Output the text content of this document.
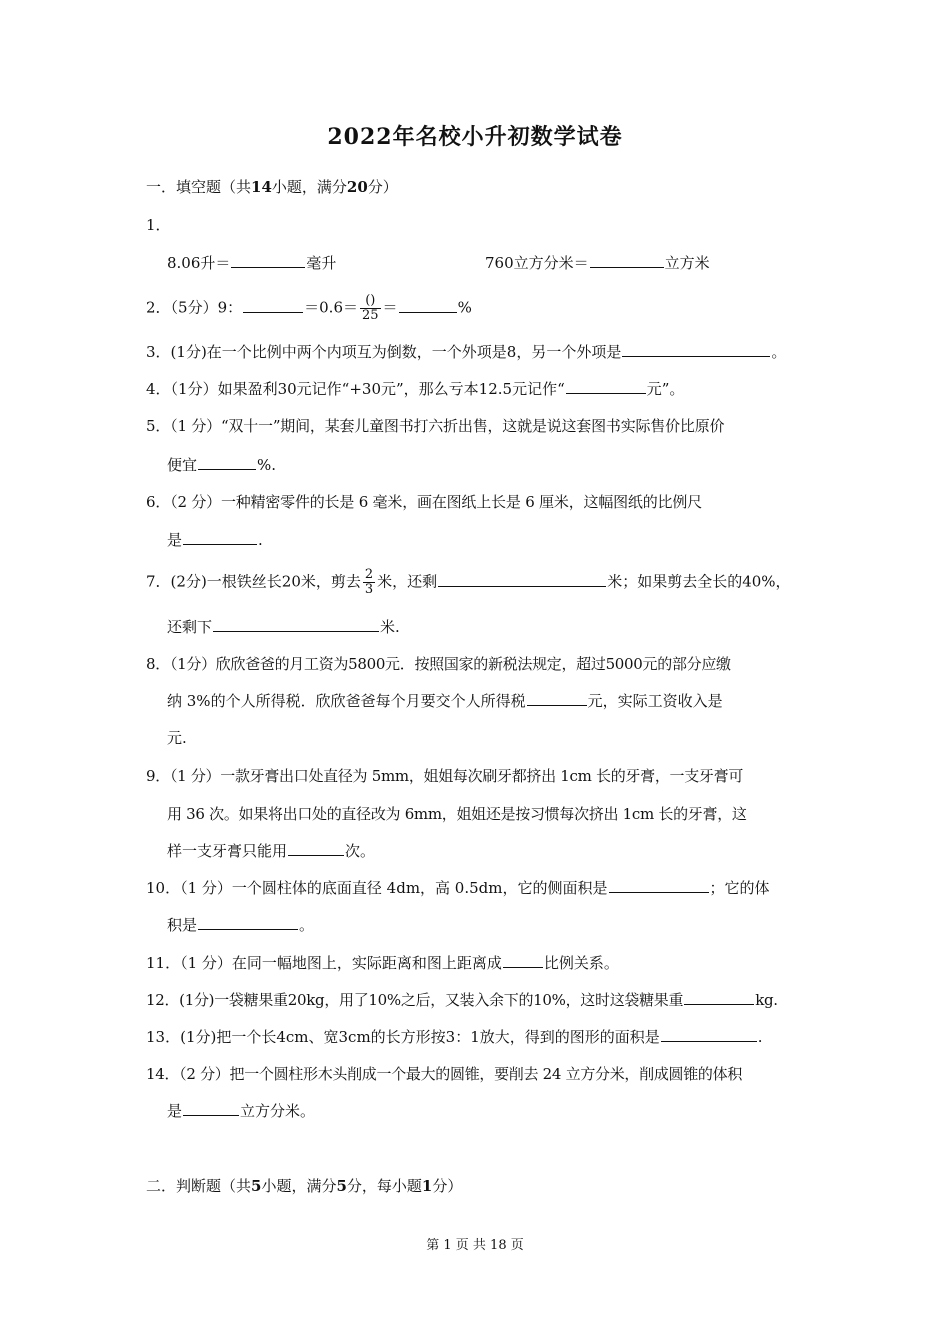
2022年名校小升初数学试卷
一．填空题（共14小题，满分20分）
1．
8.06升＝	毫升	760立方分米＝	立方米
2．（5分）9：	$=0.6= \frac{()}{25}$ ＝	%
3．(1分)在一个比例中两个内项互为倒数，一个外项是8，另一个外项是	。
4．（1分）如果盈利30元记作“+30元”，那么亏本12.5元记作“	元”。
5．（1 分）“双十一”期间，某套儿童图书打六折出售，这就是说这套图书实际售价比原价
便宜	%.
6．（2 分）一种精密零件的长是 6 毫米，画在图纸上长是 6 厘米，这幅图纸的比例尺
是	.
7．(2分)一根铁丝长20米，剪去 $\frac{2}{3}$ 米，还剩	米；如果剪去全长的40%，
还剩下	米.
8．（1分）欣欣爸爸的月工资为5800元．按照国家的新税法规定，超过5000元的部分应缴
纳 3%的个人所得税．欣欣爸爸每个月要交个人所得税	元，实际工资收入是
元.
9．（1 分）一款牙膏出口处直径为 5mm，姐姐每次刷牙都挤出 1cm 长的牙膏，一支牙膏可
用 36 次。如果将出口处的直径改为 6mm，姐姐还是按习惯每次挤出 1cm 长的牙膏，这
样一支牙膏只能用	次。
10．（1 分）一个圆柱体的底面直径 4dm，高 0.5dm，它的侧面积是	；它的体
积是	。
11．（1 分）在同一幅地图上，实际距离和图上距离成	比例关系。
12．(1分)一袋糖果重20kg，用了10%之后，又装入余下的10%，这时这袋糖果重	kg.
13．(1分)把一个长4cm、宽3cm的长方形按3：1放大，得到的图形的面积是	.
14．（2 分）把一个圆柱形木头削成一个最大的圆锥，要削去 24 立方分米，削成圆锥的体积
是	立方分米。
二．判断题（共5小题，满分5分，每小题1分）
第 1 页 共 18 页
